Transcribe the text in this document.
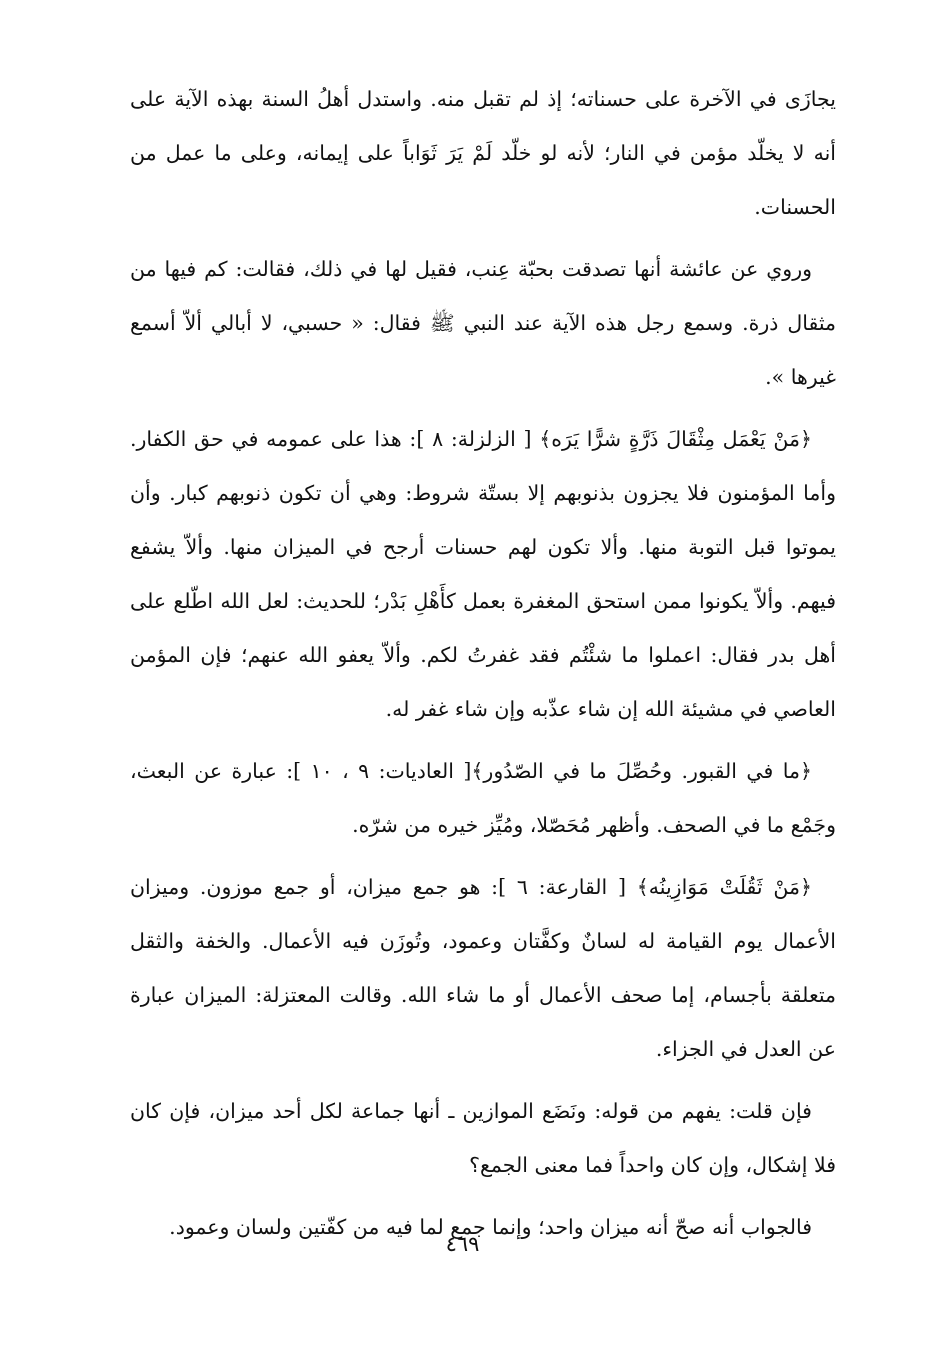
يجازَى في الآخرة على حسناته؛ إذ لم تقبل منه. واستدل أهلُ السنة بهذه الآية على أنه لا يخلّد مؤمن في النار؛ لأنه لو خلّد لَمْ يَرَ ثَوَاباً على إيمانه، وعلى ما عمل من الحسنات.

وروي عن عائشة أنها تصدقت بحبّة عِنب، فقيل لها في ذلك، فقالت: كم فيها من مثقال ذرة. وسمع رجل هذه الآية عند النبي ﷺ فقال: « حسبي، لا أبالي ألاّ أسمع غيرها ».

﴿مَنْ يَعْمَل مِثْقَالَ ذَرَّةٍ شرًّا يَرَه﴾ [ الزلزلة: ٨ ]: هذا على عمومه في حق الكفار. وأما المؤمنون فلا يجزون بذنوبهم إلا بستّة شروط: وهي أن تكون ذنوبهم كبار. وأن يموتوا قبل التوبة منها. وألا تكون لهم حسنات أرجح في الميزان منها. وألاّ يشفع فيهم. وألاّ يكونوا ممن استحق المغفرة بعمل كأَهْلِ بَدْر؛ للحديث: لعل الله اطّلع على أهل بدر فقال: اعملوا ما شئْتُم فقد غفرتُ لكم. وألاّ يعفو الله عنهم؛ فإن المؤمن العاصي في مشيئة الله إن شاء عذّبه وإن شاء غفر له.

﴿ما في القبور. وحُصِّلَ ما في الصّدُور﴾[ العاديات: ٩ ، ١٠ ]: عبارة عن البعث، وجَمْع ما في الصحف. وأظهر مُحَصّلا، ومُيِّز خيره من شرّه.

﴿مَنْ ثَقُلَتْ مَوَازِينُه﴾ [ القارعة: ٦ ]: هو جمع ميزان، أو جمع موزون. وميزان الأعمال يوم القيامة له لسانٌ وكفَّتان وعمود، وتُوزَن فيه الأعمال. والخفة والثقل متعلقة بأجسام، إما صحف الأعمال أو ما شاء الله. وقالت المعتزلة: الميزان عبارة عن العدل في الجزاء.

فإن قلت: يفهم من قوله: ونَضَع الموازين ـ أنها جماعة لكل أحد ميزان، فإن كان فلا إشكال، وإن كان واحداً فما معنى الجمع؟

فالجواب أنه صحّ أنه ميزان واحد؛ وإنما جمع لما فيه من كفّتين ولسان وعمود.

٤٦٩
